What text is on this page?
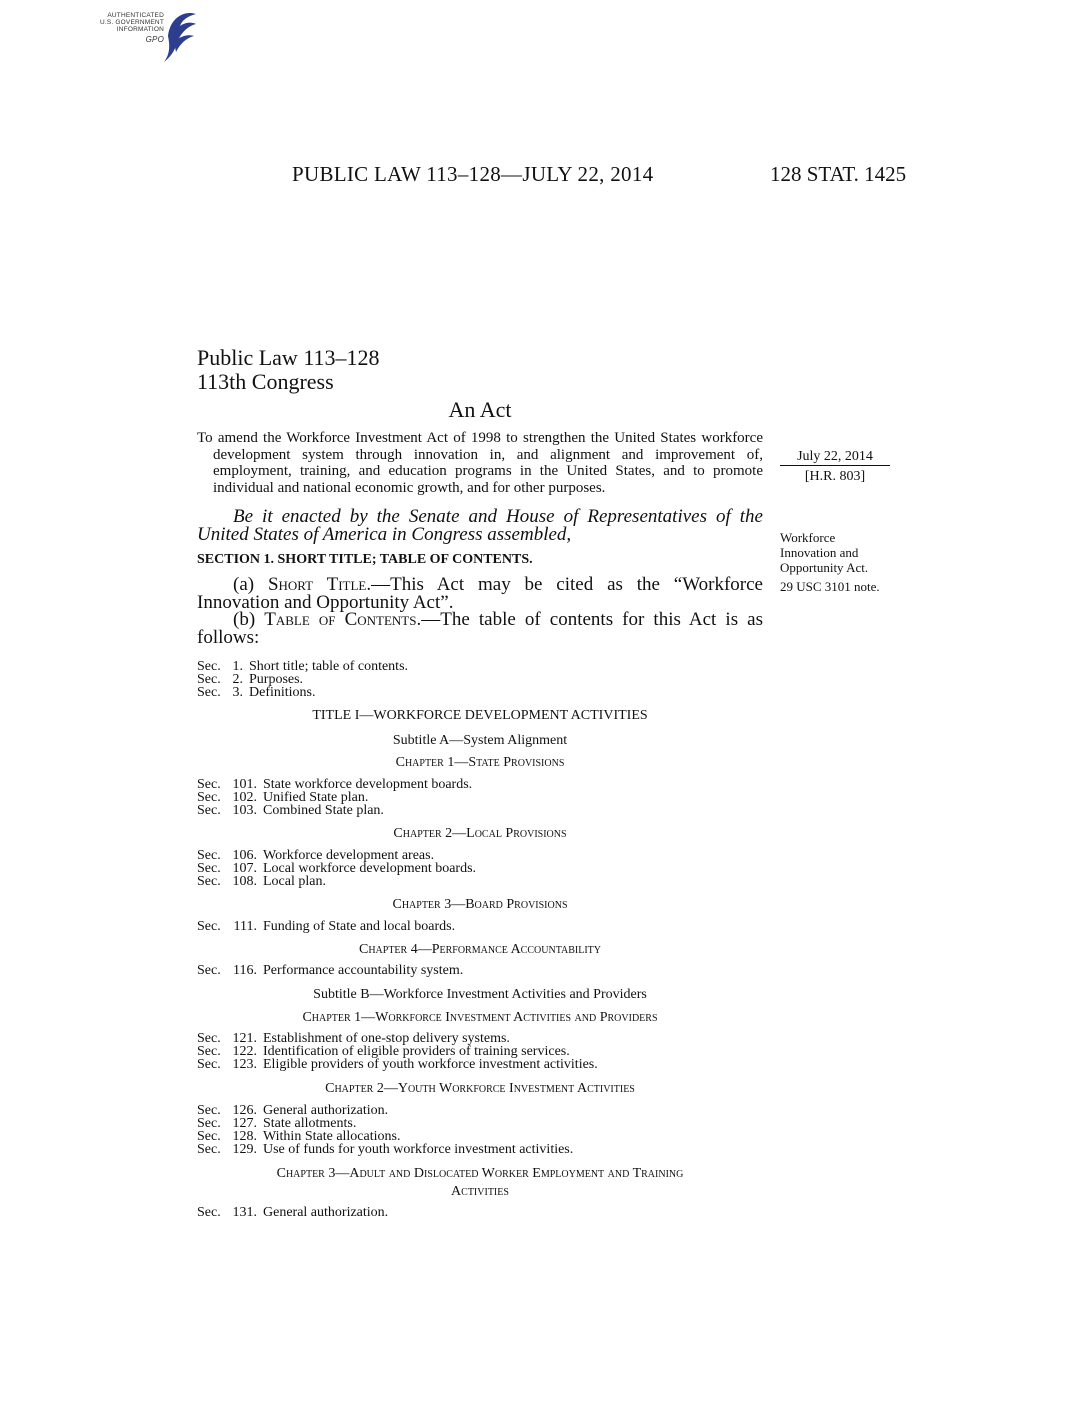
AUTHENTICATED
U.S. GOVERNMENT
INFORMATION
GPO
PUBLIC LAW 113–128—JULY 22, 2014	128 STAT. 1425
Public Law 113–128
113th Congress
An Act
To amend the Workforce Investment Act of 1998 to strengthen the United States workforce development system through innovation in, and alignment and improvement of, employment, training, and education programs in the United States, and to promote individual and national economic growth, and for other purposes.
July 22, 2014
[H.R. 803]
Workforce Innovation and Opportunity Act.
29 USC 3101 note.
Be it enacted by the Senate and House of Representatives of the United States of America in Congress assembled,
SECTION 1. SHORT TITLE; TABLE OF CONTENTS.
(a) Short Title.—This Act may be cited as the “Workforce Innovation and Opportunity Act”.
(b) Table of Contents.—The table of contents for this Act is as follows:
Sec. 1. Short title; table of contents.
Sec. 2. Purposes.
Sec. 3. Definitions.
TITLE I—WORKFORCE DEVELOPMENT ACTIVITIES
Subtitle A—System Alignment
Chapter 1—State Provisions
Sec. 101. State workforce development boards.
Sec. 102. Unified State plan.
Sec. 103. Combined State plan.
Chapter 2—Local Provisions
Sec. 106. Workforce development areas.
Sec. 107. Local workforce development boards.
Sec. 108. Local plan.
Chapter 3—Board Provisions
Sec. 111. Funding of State and local boards.
Chapter 4—Performance Accountability
Sec. 116. Performance accountability system.
Subtitle B—Workforce Investment Activities and Providers
Chapter 1—Workforce Investment Activities and Providers
Sec. 121. Establishment of one-stop delivery systems.
Sec. 122. Identification of eligible providers of training services.
Sec. 123. Eligible providers of youth workforce investment activities.
Chapter 2—Youth Workforce Investment Activities
Sec. 126. General authorization.
Sec. 127. State allotments.
Sec. 128. Within State allocations.
Sec. 129. Use of funds for youth workforce investment activities.
Chapter 3—Adult and Dislocated Worker Employment and Training
Activities
Sec. 131. General authorization.
